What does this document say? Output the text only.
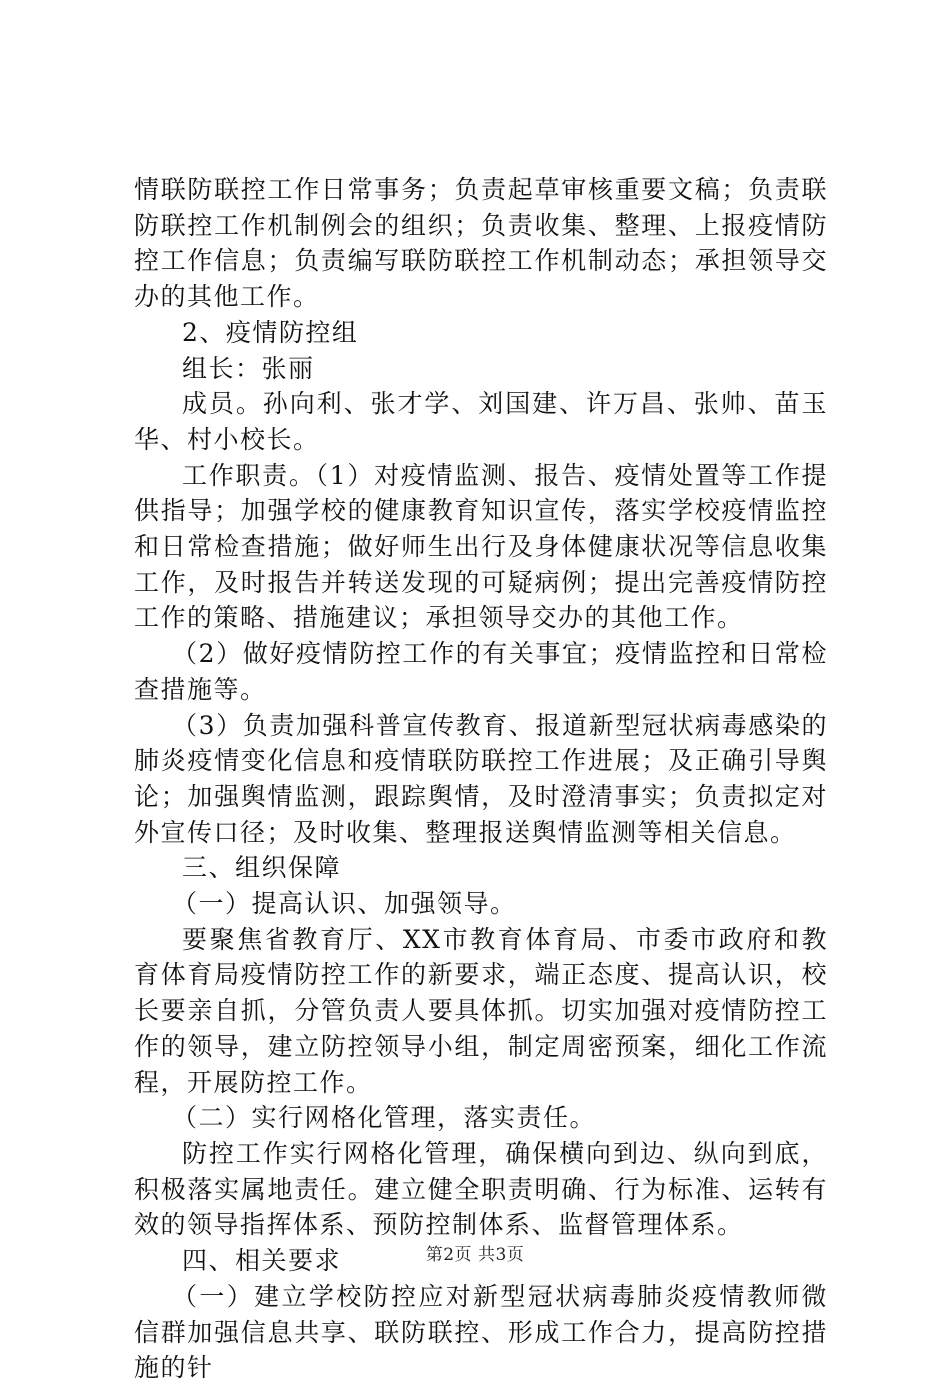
情联防联控工作日常事务；负责起草审核重要文稿；负责联防联控工作机制例会的组织；负责收集、整理、上报疫情防控工作信息；负责编写联防联控工作机制动态；承担领导交办的其他工作。

2、疫情防控组

组长：张丽

成员。孙向利、张才学、刘国建、许万昌、张帅、苗玉华、村小校长。

工作职责。（1）对疫情监测、报告、疫情处置等工作提供指导；加强学校的健康教育知识宣传，落实学校疫情监控和日常检查措施；做好师生出行及身体健康状况等信息收集工作，及时报告并转送发现的可疑病例；提出完善疫情防控工作的策略、措施建议；承担领导交办的其他工作。

（2）做好疫情防控工作的有关事宜；疫情监控和日常检查措施等。

（3）负责加强科普宣传教育、报道新型冠状病毒感染的肺炎疫情变化信息和疫情联防联控工作进展；及正确引导舆论；加强舆情监测，跟踪舆情，及时澄清事实；负责拟定对外宣传口径；及时收集、整理报送舆情监测等相关信息。

三、组织保障

（一）提高认识、加强领导。

要聚焦省教育厅、XX市教育体育局、市委市政府和教育体育局疫情防控工作的新要求，端正态度、提高认识，校长要亲自抓，分管负责人要具体抓。切实加强对疫情防控工作的领导，建立防控领导小组，制定周密预案，细化工作流程，开展防控工作。

（二）实行网格化管理，落实责任。

防控工作实行网格化管理，确保横向到边、纵向到底，积极落实属地责任。建立健全职责明确、行为标准、运转有效的领导指挥体系、预防控制体系、监督管理体系。

四、相关要求

（一）建立学校防控应对新型冠状病毒肺炎疫情教师微信群加强信息共享、联防联控、形成工作合力，提高防控措施的针

第2页 共3页
